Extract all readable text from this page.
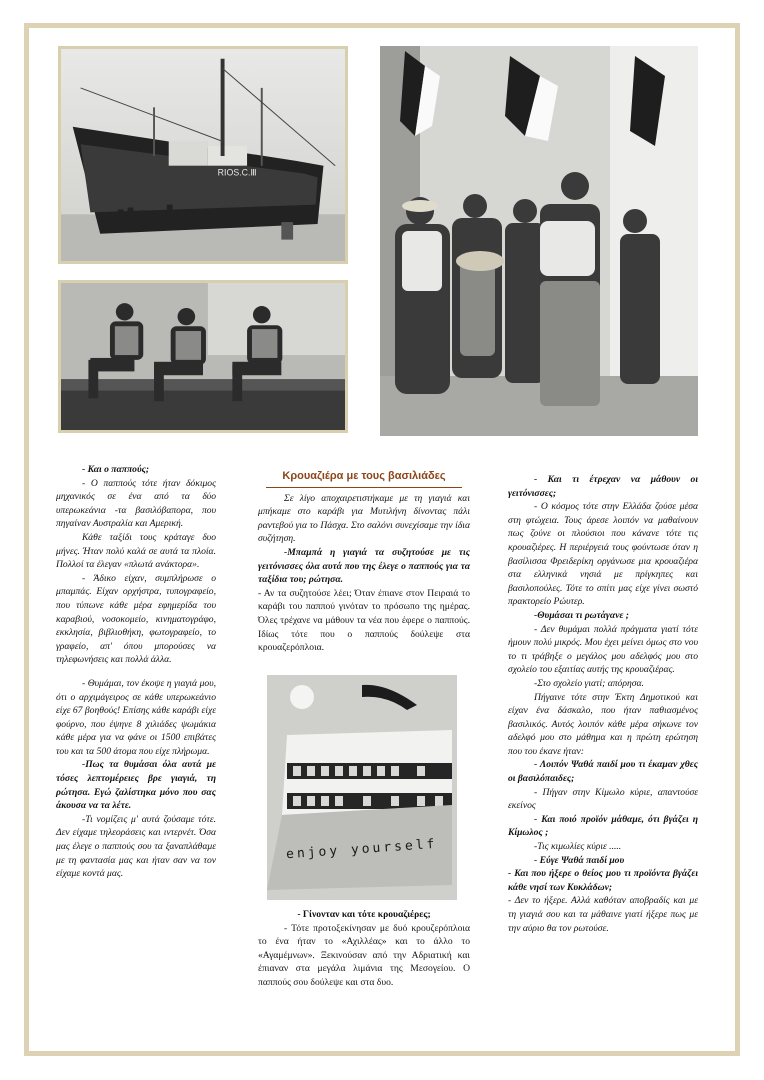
RIOS.C.Ⅲ

- Και ο παππούς;

- Ο παππούς τότε ήταν δόκιμος μηχανικός σε ένα από τα δύο υπερωκεάνια -τα βασιλόβαπορα, που πηγαίναν Αυστραλία και Αμερική.

Κάθε ταξίδι τους κράταγε δυο μήνες. Ήταν πολύ καλά σε αυτά τα πλοία. Πολλοί τα έλεγαν «πλωτά ανάκτορα».

- Άδικο είχαν, συμπλήρωσε ο μπαμπάς. Είχαν ορχήστρα, τυπογραφείο, που τύπωνε κάθε μέρα εφημερίδα του καραβιού, νοσοκομείο, κινηματογράφο, εκκλησία, βιβλιοθήκη, φωτογραφείο, το γραφείο, απ' όπου μπορούσες να τηλεφωνήσεις και πολλά άλλα.

- Θυμάμαι, τον έκοψε η γιαγιά μου, ότι ο αρχιμάγειρος σε κάθε υπερωκεάνιο είχε 67 βοηθούς! Επίσης κάθε καράβι είχε φούρνο, που έψηνε 8 χιλιάδες ψωμάκια κάθε μέρα για να φάνε οι 1500 επιβάτες του και τα 500 άτομα που είχε πλήρωμα.

-Πως τα θυμάσαι όλα αυτά με τόσες λεπτομέρειες βρε γιαγιά, τη ρώτησα. Εγώ ζαλίστηκα μόνο που σας άκουσα να τα λέτε.

-Τι νομίζεις μ' αυτά ζούσαμε τότε. Δεν είχαμε τηλεοράσεις και ιντερνέτ. Όσα μας έλεγε ο παππούς σου τα ξαναπλάθαμε με τη φαντασία μας και ήταν σαν να τον είχαμε κοντά μας.

Κρουαζιέρα με τους βασιλιάδες

Σε λίγο αποχαιρετιστήκαμε με τη γιαγιά και μπήκαμε στο καράβι για Μυτιλήνη δίνοντας πάλι ραντεβού για το Πάσχα. Στο σαλόνι συνεχίσαμε την ίδια συζήτηση.

-Μπαμπά η γιαγιά τα συζητούσε με τις γειτόνισσες όλα αυτά που της έλεγε ο παππούς για τα ταξίδια του; ρώτησα.

- Αν τα συζητούσε λέει; Όταν έπιανε στον Πειραιά το καράβι του παππού γινόταν το πρόσωπο της ημέρας. Όλες τρέχανε να μάθουν τα νέα που έφερε ο παππούς. Ιδίως τότε που ο παππούς δούλεψε στα κρουαζερόπλοια.

enjoy yourself

- Γίνονταν και τότε κρουαζιέρες;

- Τότε προτοξεκίνησαν με δυό κρουζερόπλοια το ένα ήταν το «Αχιλλέας» και το άλλο το «Αγαμέμνων». Ξεκινούσαν από την Αδριατική και έπιαναν στα μεγάλα λιμάνια της Μεσογείου. Ο παππούς σου δούλεψε και στα δυο.

- Και τι έτρεχαν να μάθουν οι γειτόνισσες;

- Ο κόσμος τότε στην Ελλάδα ζούσε μέσα στη φτώχεια. Τους άρεσε λοιπόν να μαθαίνουν πως ζούνε οι πλούσιοι που κάνανε τότε τις κρουαζιέρες. Η περιέργειά τους φούντωσε όταν η βασίλισσα Φρειδερίκη οργάνωσε μια κρουαζιέρα στα ελληνικά νησιά με πρίγκηπες και βασιλοπούλες. Τότε το σπίτι μας είχε γίνει σωστό πρακτορείο Ρώυτερ.

-Θυμάσαι τι ρωτάγανε ;

- Δεν θυμάμαι πολλά πράγματα γιατί τότε ήμουν πολύ μικρός. Μου έχει μείνει όμως στο νου το τι τράβηξε ο μεγάλος μου αδελφός μου στο σχολείο του εξαιτίας αυτής της κρουαζιέρας.

-Στο σχολείο γιατί; απόρησα.

Πήγαινε τότε στην Έκτη Δημοτικού και είχαν ένα δάσκαλο, που ήταν παθιασμένος βασιλικός. Αυτός λοιπόν κάθε μέρα σήκωνε τον αδελφό μου στο μάθημα και η πρώτη ερώτηση που του έκανε ήταν:

- Λοιπόν Ψαθά παιδί μου τι έκαμαν χθες οι βασιλόπαιδες;

- Πήγαν στην Κίμωλο κύριε, απαντούσε εκείνος

- Και ποιό προϊόν μάθαμε, ότι βγάζει η Κίμωλος ;

-Τις κιμωλίες κύριε .....

- Εύγε Ψαθά παιδί μου

- Και που ήξερε ο θείος μου τι προϊόντα βγάζει κάθε νησί των Κυκλάδων;

- Δεν το ήξερε. Αλλά καθόταν αποβραδίς και με τη γιαγιά σου και τα μάθαινε γιατί ήξερε πως με την αύριο θα τον ρωτούσε.
